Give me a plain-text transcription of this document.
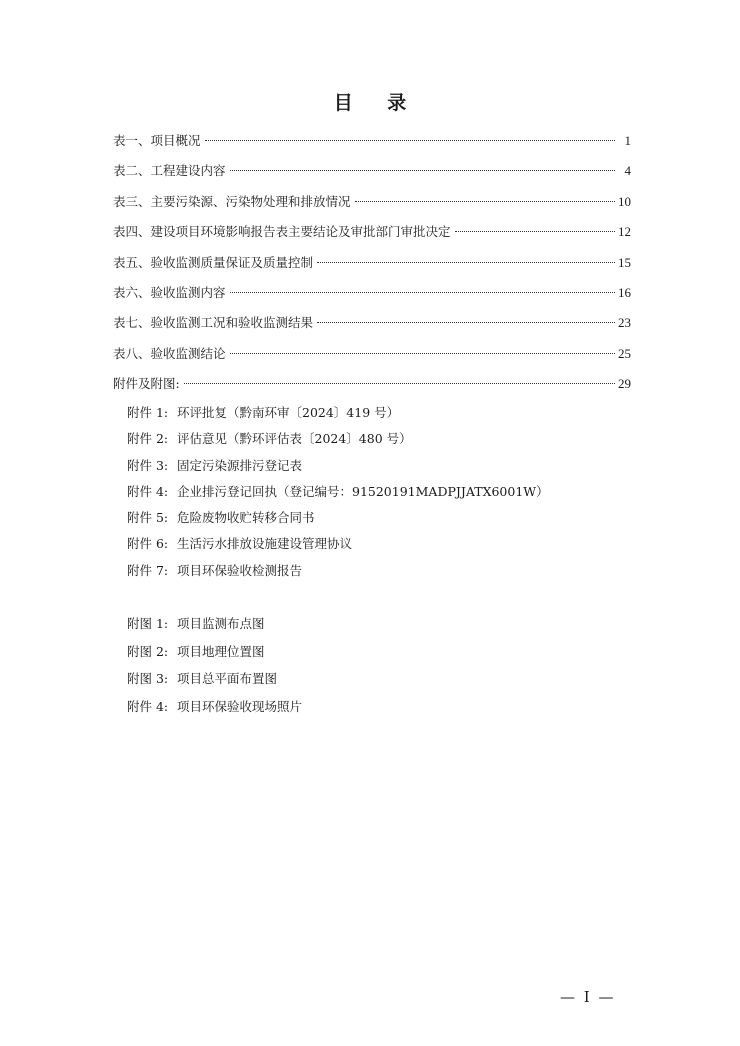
目 录
表一、项目概况	1
表二、工程建设内容	4
表三、主要污染源、污染物处理和排放情况	10
表四、建设项目环境影响报告表主要结论及审批部门审批决定	12
表五、验收监测质量保证及质量控制	15
表六、验收监测内容	16
表七、验收监测工况和验收监测结果	23
表八、验收监测结论	25
附件及附图:	29
附件 1: 环评批复（黔南环审〔2024〕419 号）
附件 2: 评估意见（黔环评估表〔2024〕480 号）
附件 3: 固定污染源排污登记表
附件 4: 企业排污登记回执（登记编号：91520191MADPJJATX6001W）
附件 5: 危险废物收贮转移合同书
附件 6: 生活污水排放设施建设管理协议
附件 7: 项目环保验收检测报告
附图 1: 项目监测布点图
附图 2: 项目地理位置图
附图 3: 项目总平面布置图
附件 4: 项目环保验收现场照片
— I —
